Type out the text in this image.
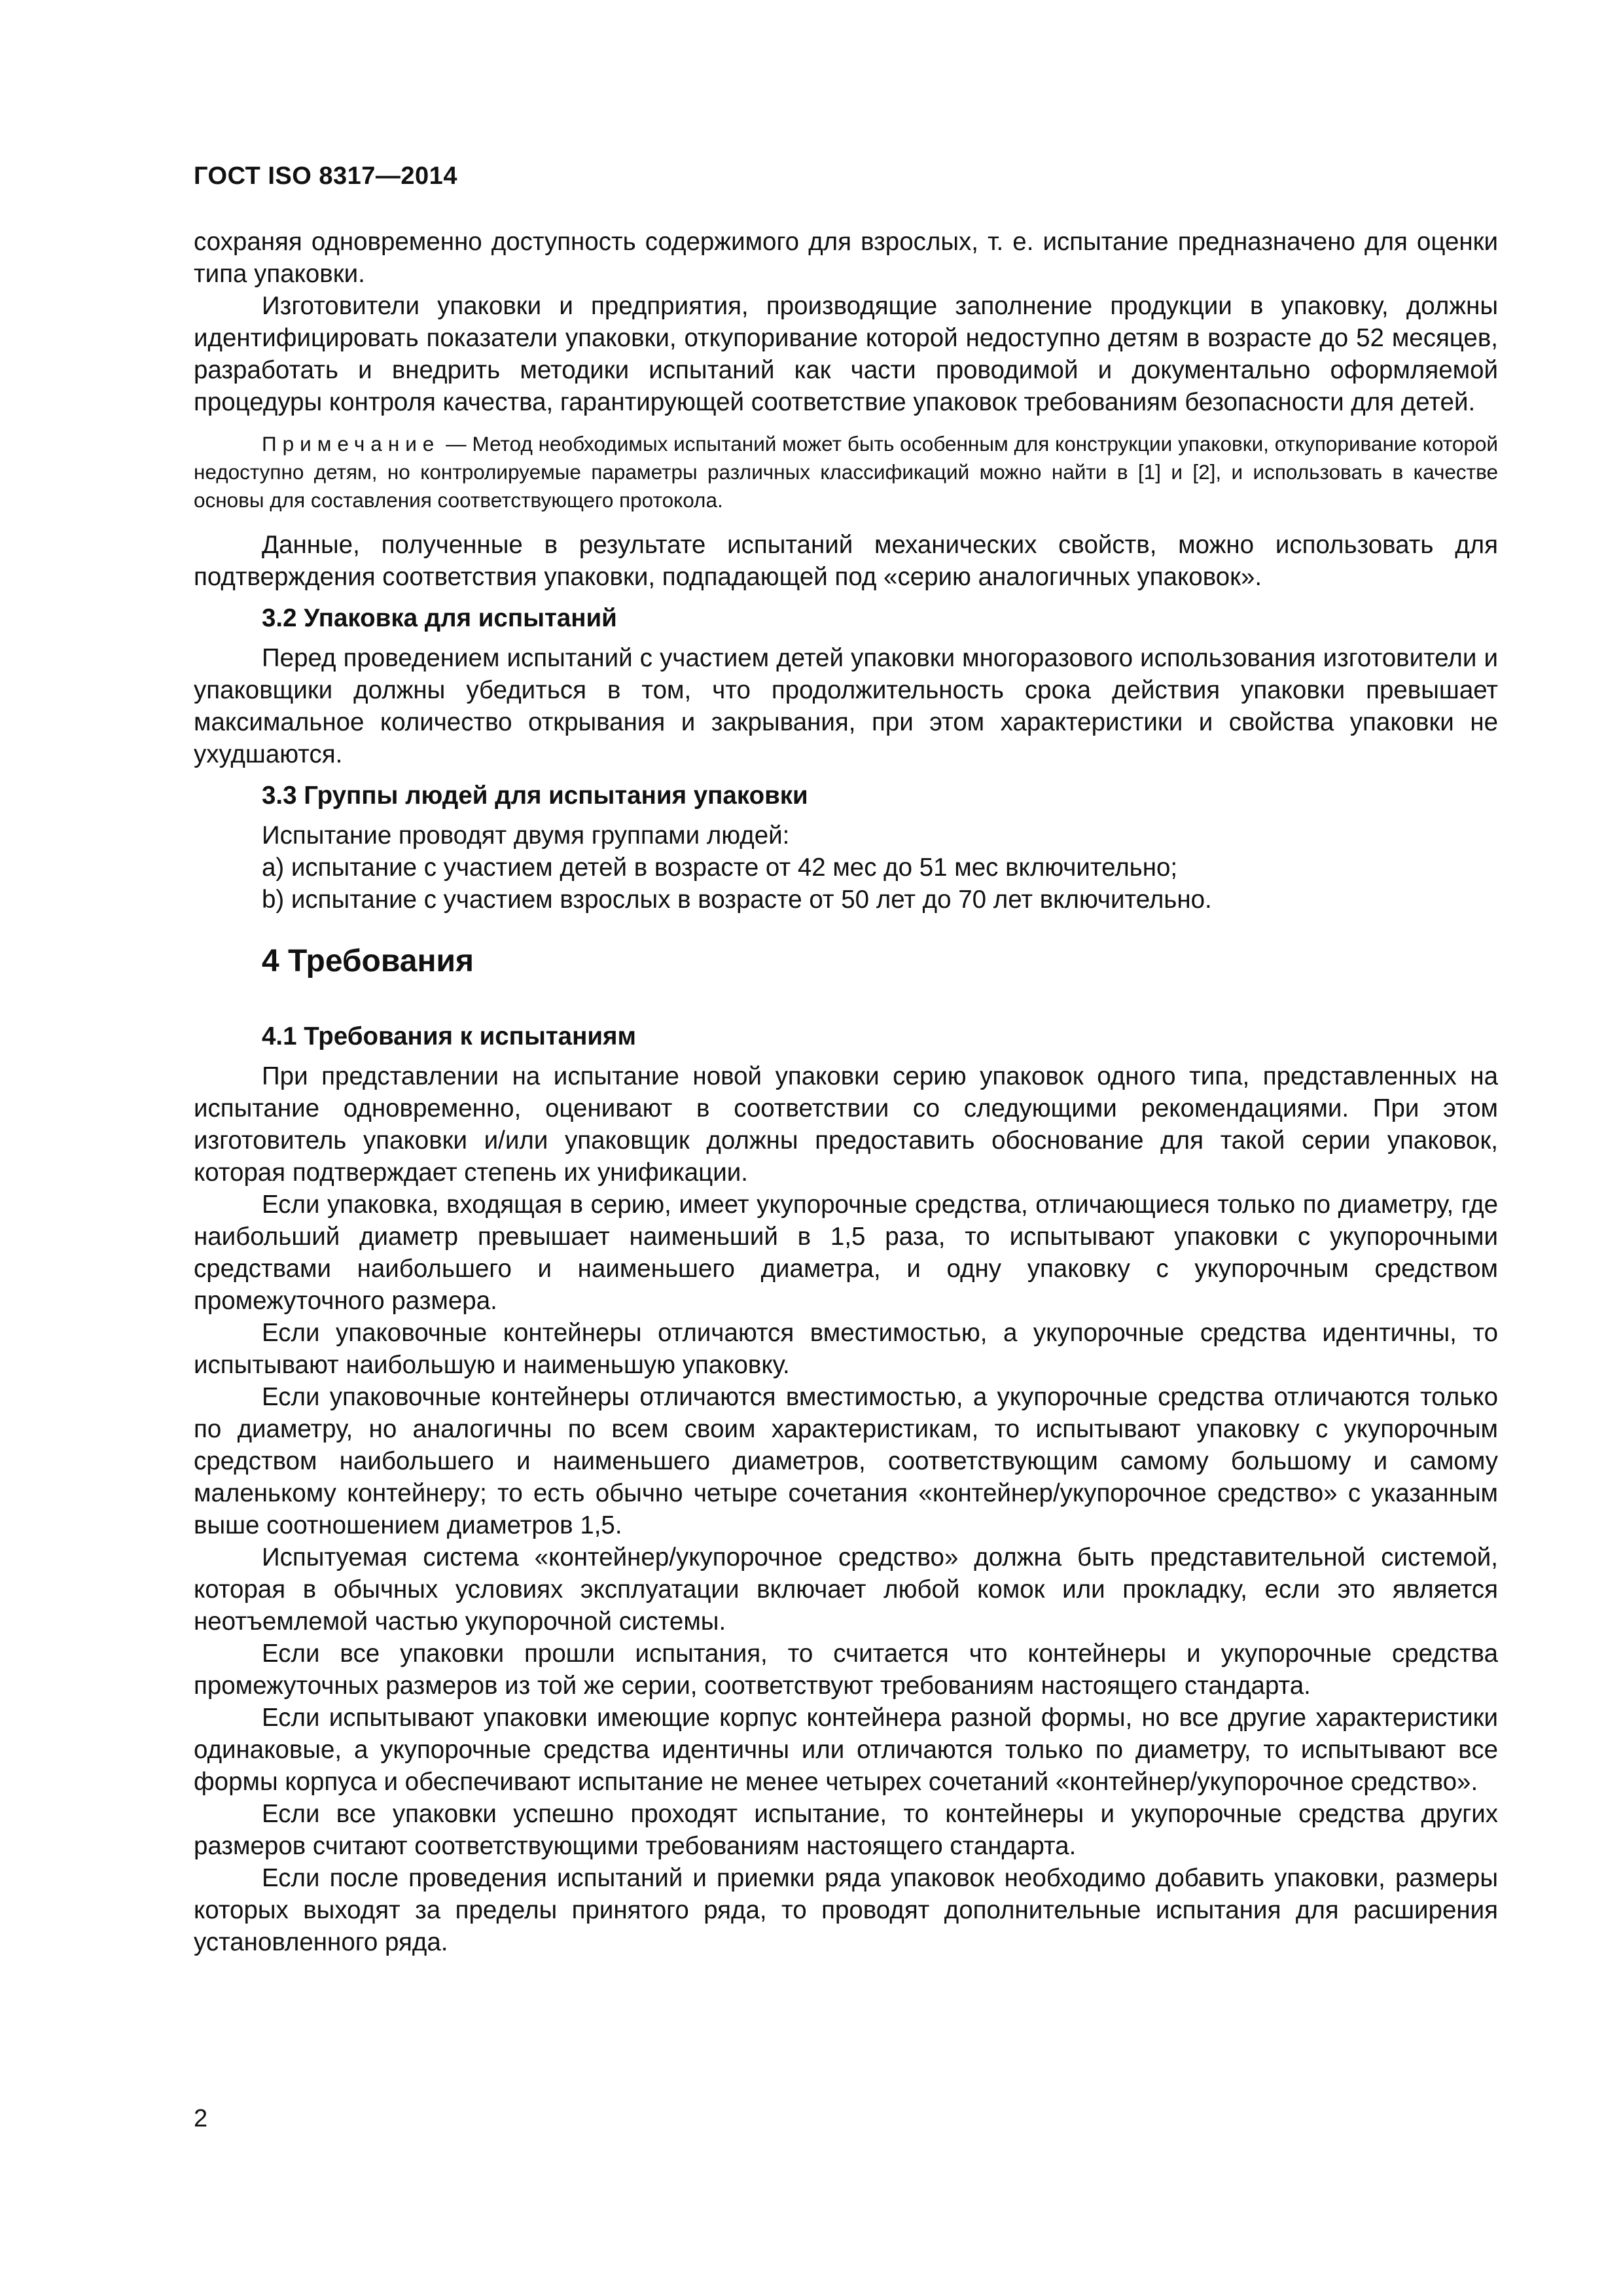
ГОСТ ISO 8317—2014

сохраняя одновременно доступность содержимого для взрослых, т. е. испытание предназначено для оценки типа упаковки.

Изготовители упаковки и предприятия, производящие заполнение продукции в упаковку, должны идентифицировать показатели упаковки, откупоривание которой недоступно детям в возрасте до 52 месяцев, разработать и внедрить методики испытаний как части проводимой и документально оформляемой процедуры контроля качества, гарантирующей соответствие упаковок требованиям безопасности для детей.

Примечание — Метод необходимых испытаний может быть особенным для конструкции упаковки, откупоривание которой недоступно детям, но контролируемые параметры различных классификаций можно найти в [1] и [2], и использовать в качестве основы для составления соответствующего протокола.

Данные, полученные в результате испытаний механических свойств, можно использовать для подтверждения соответствия упаковки, подпадающей под «серию аналогичных упаковок».

3.2 Упаковка для испытаний

Перед проведением испытаний с участием детей упаковки многоразового использования изготовители и упаковщики должны убедиться в том, что продолжительность срока действия упаковки превышает максимальное количество открывания и закрывания, при этом характеристики и свойства упаковки не ухудшаются.

3.3 Группы людей для испытания упаковки

Испытание проводят двумя группами людей:

a) испытание с участием детей в возрасте от 42 мес до 51 мес включительно;

b) испытание с участием взрослых в возрасте от 50 лет до 70 лет включительно.

4 Требования
4.1 Требования к испытаниям

При представлении на испытание новой упаковки серию упаковок одного типа, представленных на испытание одновременно, оценивают в соответствии со следующими рекомендациями. При этом изготовитель упаковки и/или упаковщик должны предоставить обоснование для такой серии упаковок, которая подтверждает степень их унификации.

Если упаковка, входящая в серию, имеет укупорочные средства, отличающиеся только по диаметру, где наибольший диаметр превышает наименьший в 1,5 раза, то испытывают упаковки с укупорочными средствами наибольшего и наименьшего диаметра, и одну упаковку с укупорочным средством промежуточного размера.

Если упаковочные контейнеры отличаются вместимостью, а укупорочные средства идентичны, то испытывают наибольшую и наименьшую упаковку.

Если упаковочные контейнеры отличаются вместимостью, а укупорочные средства отличаются только по диаметру, но аналогичны по всем своим характеристикам, то испытывают упаковку с укупорочным средством наибольшего и наименьшего диаметров, соответствующим самому большому и самому маленькому контейнеру; то есть обычно четыре сочетания «контейнер/укупорочное средство» с указанным выше соотношением диаметров 1,5.

Испытуемая система «контейнер/укупорочное средство» должна быть представительной системой, которая в обычных условиях эксплуатации включает любой комок или прокладку, если это является неотъемлемой частью укупорочной системы.

Если все упаковки прошли испытания, то считается что контейнеры и укупорочные средства промежуточных размеров из той же серии, соответствуют требованиям настоящего стандарта.

Если испытывают упаковки имеющие корпус контейнера разной формы, но все другие характеристики одинаковые, а укупорочные средства идентичны или отличаются только по диаметру, то испытывают все формы корпуса и обеспечивают испытание не менее четырех сочетаний «контейнер/укупорочное средство».

Если все упаковки успешно проходят испытание, то контейнеры и укупорочные средства других размеров считают соответствующими требованиям настоящего стандарта.

Если после проведения испытаний и приемки ряда упаковок необходимо добавить упаковки, размеры которых выходят за пределы принятого ряда, то проводят дополнительные испытания для расширения установленного ряда.

2
